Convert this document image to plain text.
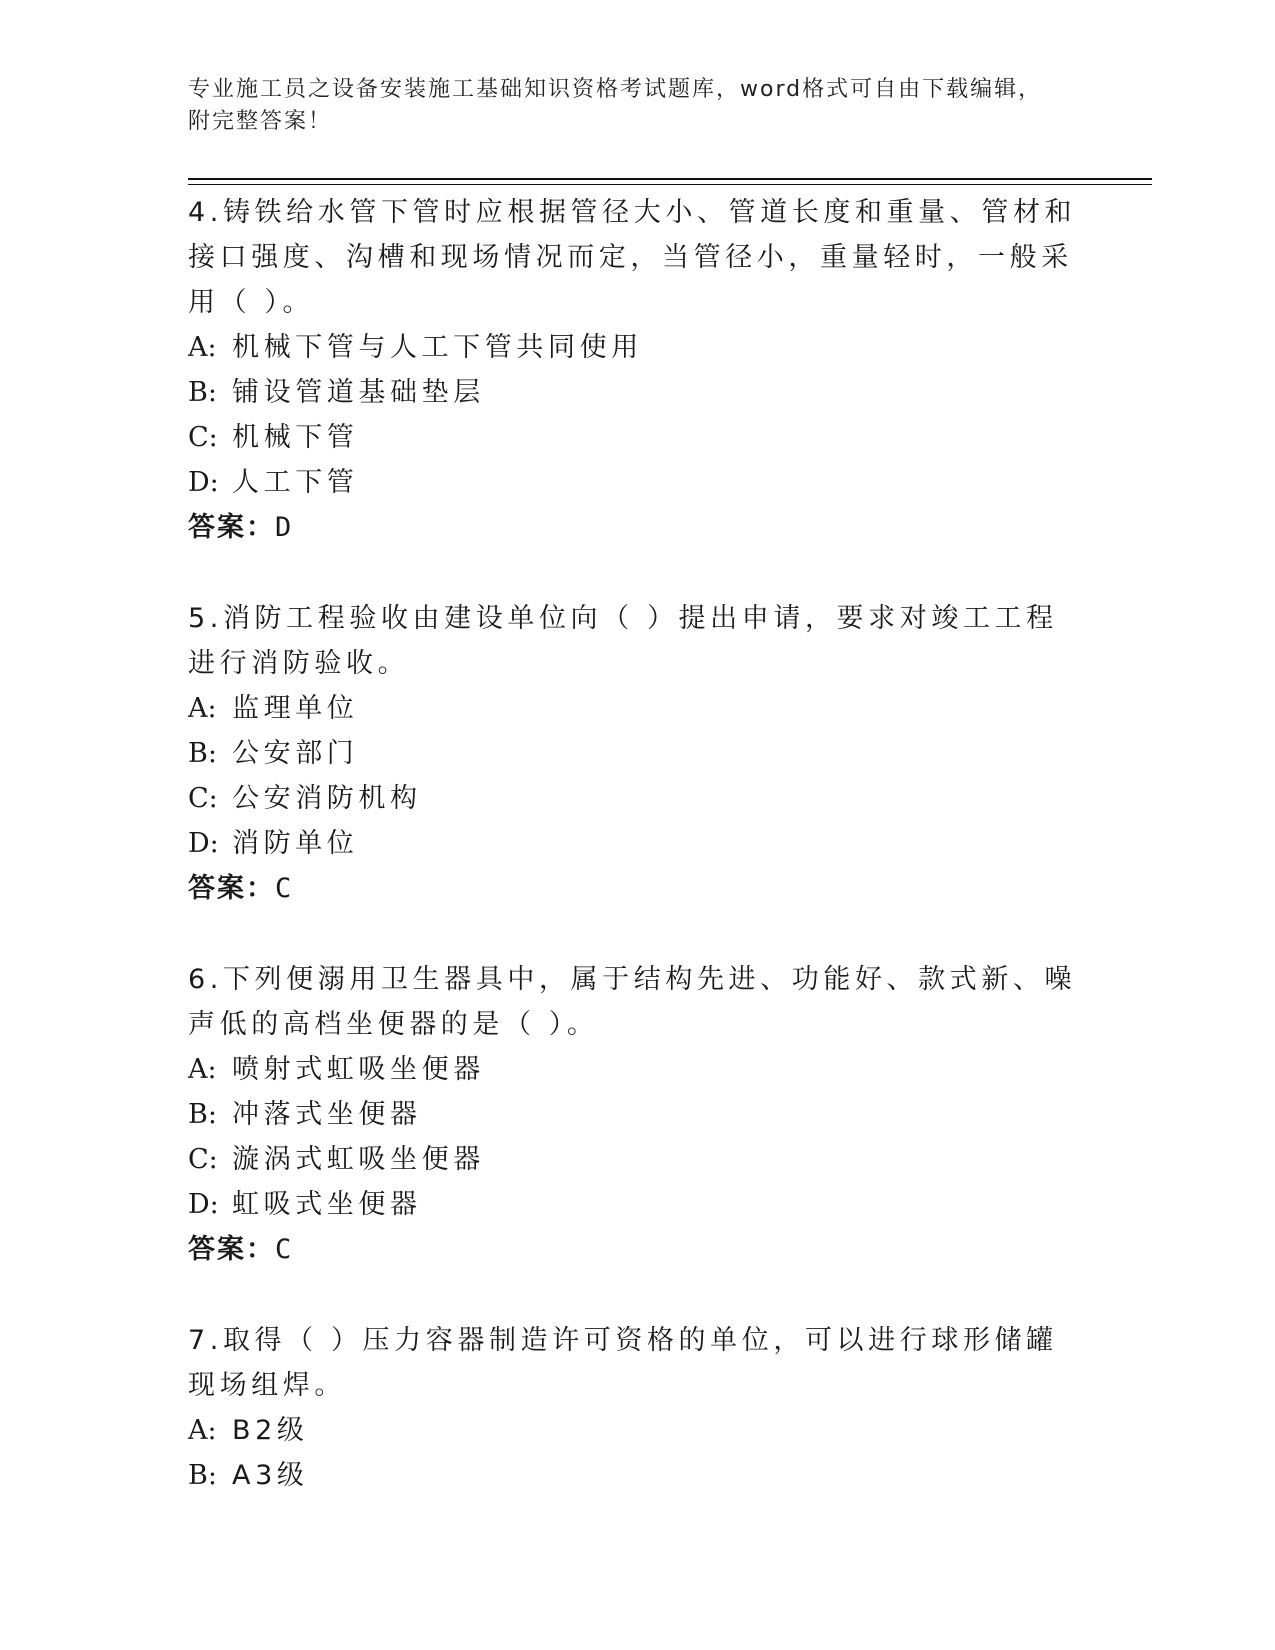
专业施工员之设备安装施工基础知识资格考试题库，word格式可自由下载编辑，
附完整答案！

4.铸铁给水管下管时应根据管径大小、管道长度和重量、管材和接口强度、沟槽和现场情况而定，当管径小，重量轻时，一般采用（ ）。

A: 机械下管与人工下管共同使用

B: 铺设管道基础垫层

C: 机械下管

D: 人工下管

答案：D

5.消防工程验收由建设单位向（ ）提出申请，要求对竣工工程进行消防验收。

A: 监理单位

B: 公安部门

C: 公安消防机构

D: 消防单位

答案：C

6.下列便溺用卫生器具中，属于结构先进、功能好、款式新、噪声低的高档坐便器的是（ ）。

A: 喷射式虹吸坐便器

B: 冲落式坐便器

C: 漩涡式虹吸坐便器

D: 虹吸式坐便器

答案：C

7.取得（ ）压力容器制造许可资格的单位，可以进行球形储罐现场组焊。

A: B2级

B: A3级
